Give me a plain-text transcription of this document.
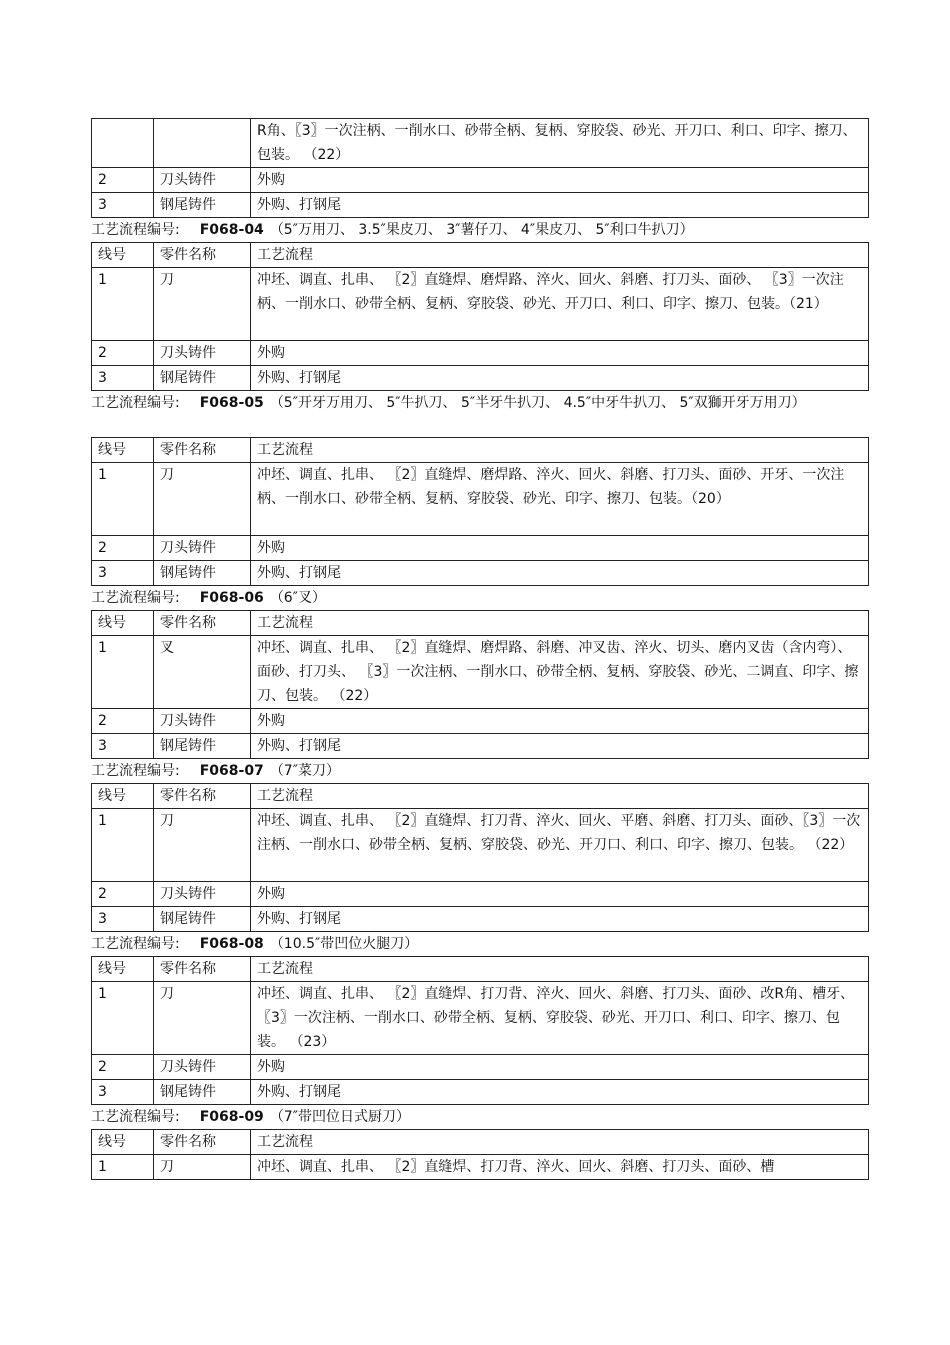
		R角、〖3〗一次注柄、一削水口、砂带全柄、复柄、穿胶袋、砂光、开刀口、利口、印字、擦刀、包装。 （22）
2	刀头铸件	外购
3	钢尾铸件	外购、打钢尾
工艺流程编号: F068-04 （5″万用刀、 3.5″果皮刀、 3″薯仔刀、 4″果皮刀、 5″利口牛扒刀）
线号	零件名称	工艺流程
1	刀	冲坯、调直、扎串、 〖2〗直缝焊、磨焊路、淬火、回火、斜磨、打刀头、面砂、 〖3〗一次注柄、一削水口、砂带全柄、复柄、穿胶袋、砂光、开刀口、利口、印字、擦刀、包装。（21）
2	刀头铸件	外购
3	钢尾铸件	外购、打钢尾
工艺流程编号: F068-05 （5″开牙万用刀、 5″牛扒刀、 5″半牙牛扒刀、 4.5″中牙牛扒刀、 5″双獅开牙万用刀）
线号	零件名称	工艺流程
1	刀	冲坯、调直、扎串、 〖2〗直缝焊、磨焊路、淬火、回火、斜磨、打刀头、面砂、开牙、一次注柄、一削水口、砂带全柄、复柄、穿胶袋、砂光、印字、擦刀、包装。（20）
2	刀头铸件	外购
3	钢尾铸件	外购、打钢尾
工艺流程编号: F068-06 （6″叉）
线号	零件名称	工艺流程
1	叉	冲坯、调直、扎串、 〖2〗直缝焊、磨焊路、斜磨、冲叉齿、淬火、切头、磨内叉齿（含内弯）、面砂、打刀头、 〖3〗一次注柄、一削水口、砂带全柄、复柄、穿胶袋、砂光、二调直、印字、擦刀、包装。 （22）
2	刀头铸件	外购
3	钢尾铸件	外购、打钢尾
工艺流程编号: F068-07 （7″菜刀）
线号	零件名称	工艺流程
1	刀	冲坯、调直、扎串、 〖2〗直缝焊、打刀背、淬火、回火、平磨、斜磨、打刀头、面砂、〖3〗一次注柄、一削水口、砂带全柄、复柄、穿胶袋、砂光、开刀口、利口、印字、擦刀、包装。 （22）
2	刀头铸件	外购
3	钢尾铸件	外购、打钢尾
工艺流程编号: F068-08 （10.5″带凹位火腿刀）
线号	零件名称	工艺流程
1	刀	冲坯、调直、扎串、 〖2〗直缝焊、打刀背、淬火、回火、斜磨、打刀头、面砂、改R角、槽牙、〖3〗一次注柄、一削水口、砂带全柄、复柄、穿胶袋、砂光、开刀口、利口、印字、擦刀、包装。 （23）
2	刀头铸件	外购
3	钢尾铸件	外购、打钢尾
工艺流程编号: F068-09 （7″带凹位日式厨刀）
线号	零件名称	工艺流程
1	刀	冲坯、调直、扎串、 〖2〗直缝焊、打刀背、淬火、回火、斜磨、打刀头、面砂、槽
